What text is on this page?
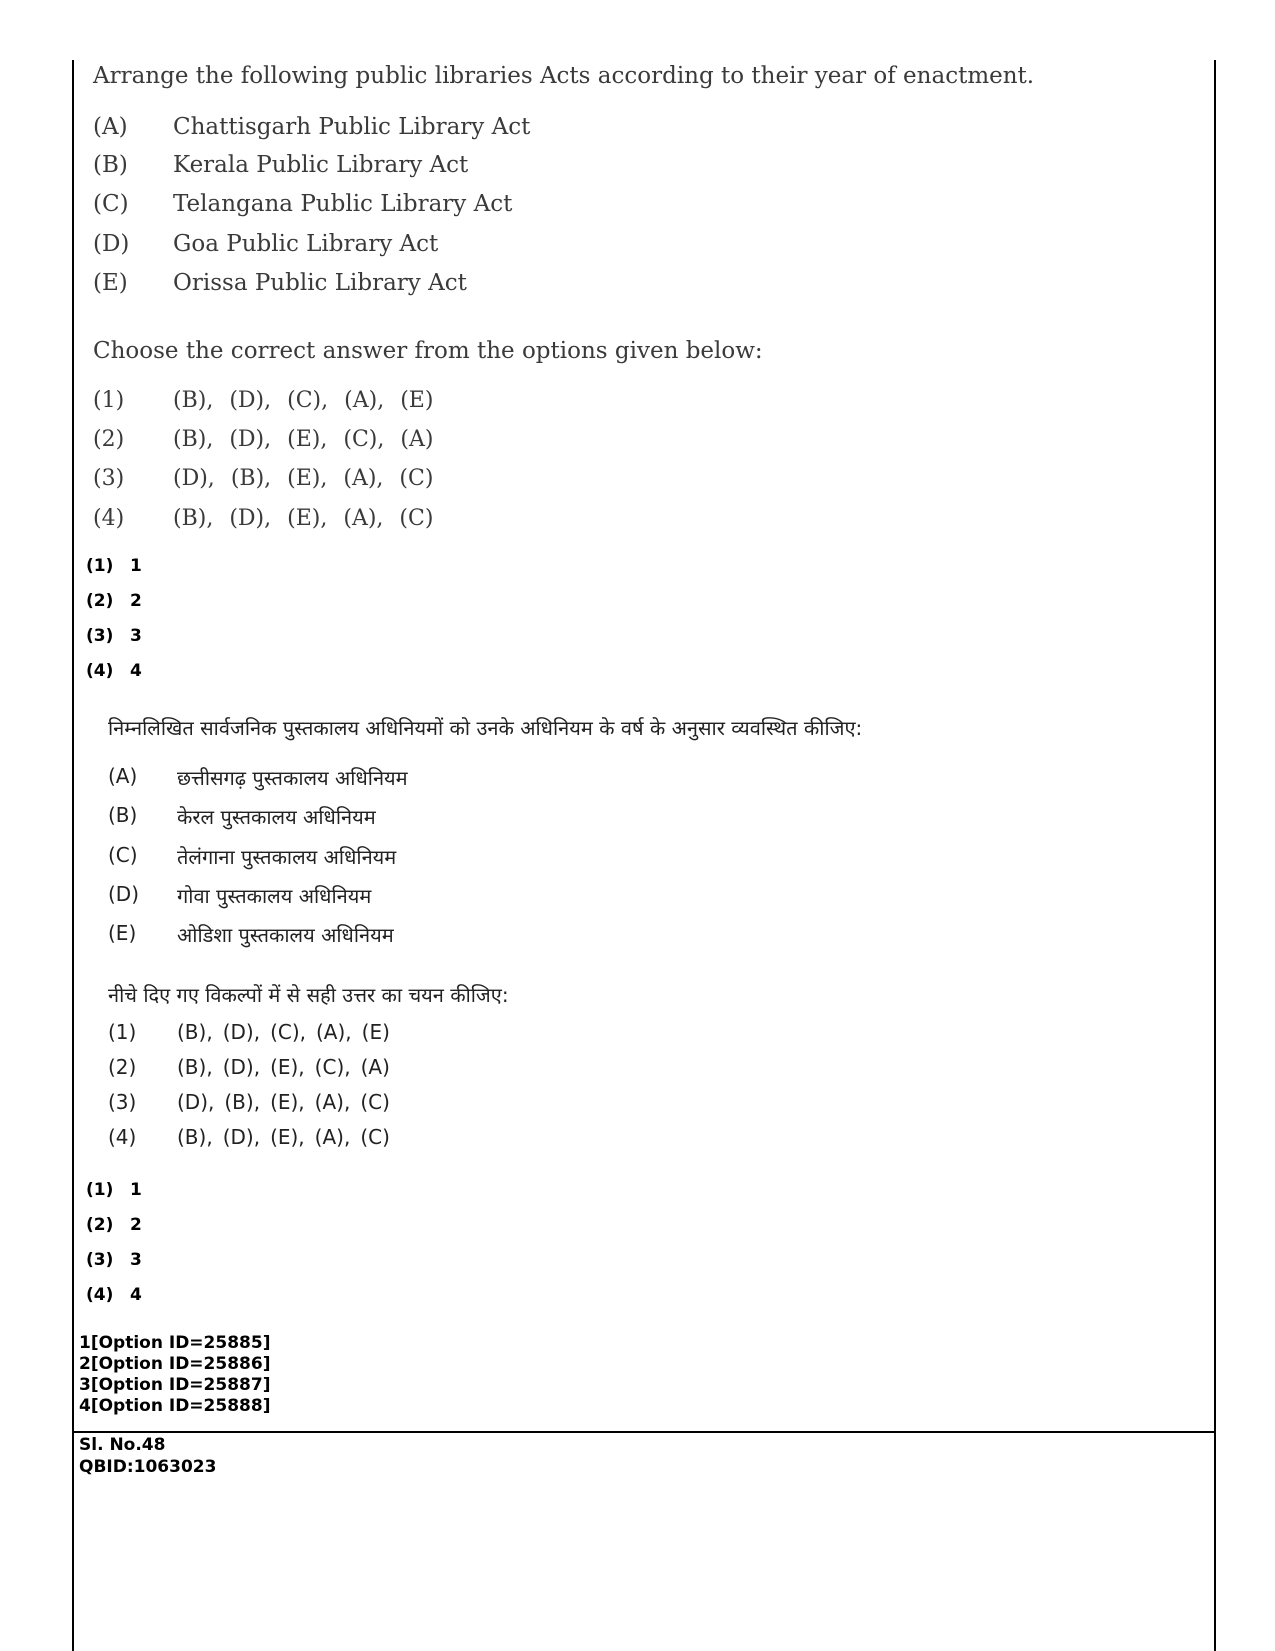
Arrange the following public libraries Acts according to their year of enactment.
(A) Chattisgarh Public Library Act
(B) Kerala Public Library Act
(C) Telangana Public Library Act
(D) Goa Public Library Act
(E) Orissa Public Library Act
Choose the correct answer from the options given below:
(1) (B), (D), (C), (A), (E)
(2) (B), (D), (E), (C), (A)
(3) (D), (B), (E), (A), (C)
(4) (B), (D), (E), (A), (C)
(1) 1
(2) 2
(3) 3
(4) 4
निम्नलिखित सार्वजनिक पुस्तकालय अधिनियमों को उनके अधिनियम के वर्ष के अनुसार व्यवस्थित कीजिए:
(A) छत्तीसगढ़ पुस्तकालय अधिनियम
(B) केरल पुस्तकालय अधिनियम
(C) तेलंगाना पुस्तकालय अधिनियम
(D) गोवा पुस्तकालय अधिनियम
(E) ओडिशा पुस्तकालय अधिनियम
नीचे दिए गए विकल्पों में से सही उत्तर का चयन कीजिए:
(1) (B), (D), (C), (A), (E)
(2) (B), (D), (E), (C), (A)
(3) (D), (B), (E), (A), (C)
(4) (B), (D), (E), (A), (C)
(1) 1
(2) 2
(3) 3
(4) 4
1[Option ID=25885]
2[Option ID=25886]
3[Option ID=25887]
4[Option ID=25888]
Sl. No.48
QBID:1063023
